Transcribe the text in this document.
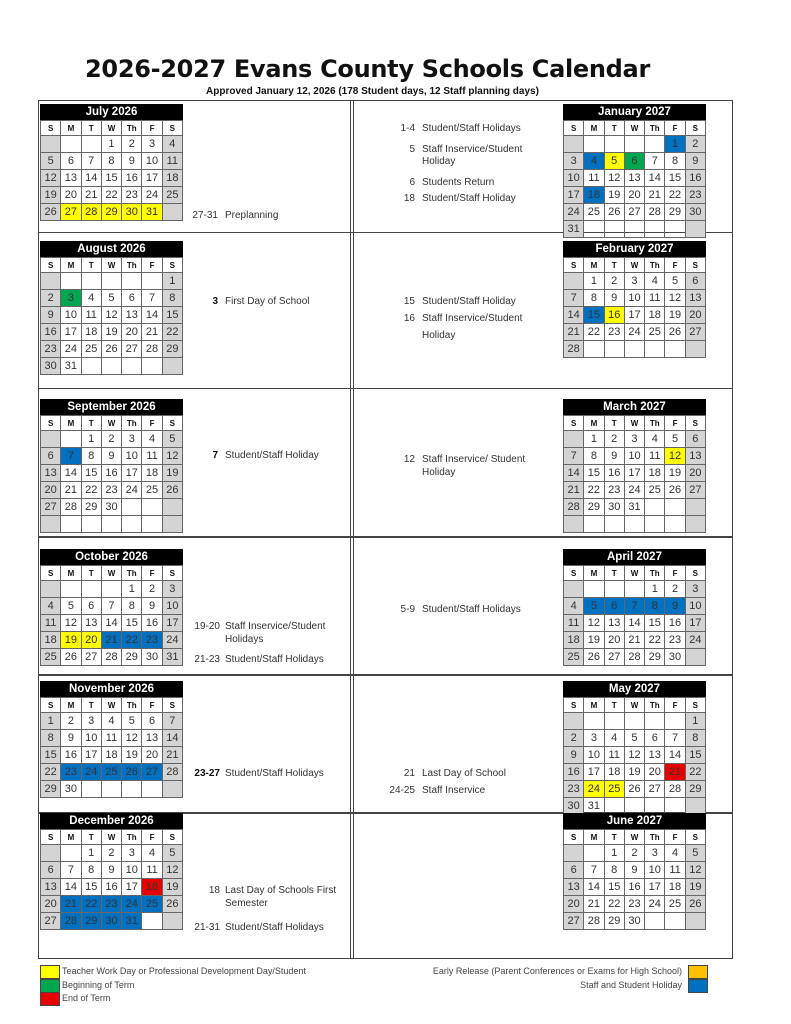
2026-2027 Evans County Schools Calendar
Approved January 12, 2026 (178 Student days, 12 Staff planning days)
July 2026
S	M	T	W	Th	F	S
			1	2	3	4
5	6	7	8	9	10	11
12	13	14	15	16	17	18
19	20	21	22	23	24	25
26	27	28	29	30	31	
January 2027
S	M	T	W	Th	F	S
					1	2
3	4	5	6	7	8	9
10	11	12	13	14	15	16
17	18	19	20	21	22	23
24	25	26	27	28	29	30
31						
August 2026
S	M	T	W	Th	F	S
						1
2	3	4	5	6	7	8
9	10	11	12	13	14	15
16	17	18	19	20	21	22
23	24	25	26	27	28	29
30	31					
February 2027
S	M	T	W	Th	F	S
	1	2	3	4	5	6
7	8	9	10	11	12	13
14	15	16	17	18	19	20
21	22	23	24	25	26	27
28						
September 2026
S	M	T	W	Th	F	S
		1	2	3	4	5
6	7	8	9	10	11	12
13	14	15	16	17	18	19
20	21	22	23	24	25	26
27	28	29	30			

March 2027
S	M	T	W	Th	F	S
	1	2	3	4	5	6
7	8	9	10	11	12	13
14	15	16	17	18	19	20
21	22	23	24	25	26	27
28	29	30	31			

October 2026
S	M	T	W	Th	F	S
				1	2	3
4	5	6	7	8	9	10
11	12	13	14	15	16	17
18	19	20	21	22	23	24
25	26	27	28	29	30	31
April 2027
S	M	T	W	Th	F	S
				1	2	3
4	5	6	7	8	9	10
11	12	13	14	15	16	17
18	19	20	21	22	23	24
25	26	27	28	29	30	
November 2026
S	M	T	W	Th	F	S
1	2	3	4	5	6	7
8	9	10	11	12	13	14
15	16	17	18	19	20	21
22	23	24	25	26	27	28
29	30					
May 2027
S	M	T	W	Th	F	S
						1
2	3	4	5	6	7	8
9	10	11	12	13	14	15
16	17	18	19	20	21	22
23	24	25	26	27	28	29
30	31					
December 2026
S	M	T	W	Th	F	S
		1	2	3	4	5
6	7	8	9	10	11	12
13	14	15	16	17	18	19
20	21	22	23	24	25	26
27	28	29	30	31		
June 2027
S	M	T	W	Th	F	S
		1	2	3	4	5
6	7	8	9	10	11	12
13	14	15	16	17	18	19
20	21	22	23	24	25	26
27	28	29	30			
27-31 Preplanning
1-4 Student/Staff Holidays
5 Staff Inservice/Student
Holiday
6 Students Return
18 Student/Staff Holiday
3 First Day of School	15 Student/Staff Holiday
16 Staff Inservice/Student
Holiday
7 Student/Staff Holiday	12 Staff Inservice/ Student
Holiday
19-20 Staff Inservice/Student
Holidays
21-23 Student/Staff Holidays
5-9 Student/Staff Holidays
23-27 Student/Staff Holidays	21 Last Day of School
24-25 Staff Inservice
18 Last Day of Schools First
Semester
21-31 Student/Staff Holidays
Teacher Work Day or Professional Development Day/Student
Beginning of Term
End of Term
Early Release (Parent Conferences or Exams for High School)
Staff and Student Holiday
